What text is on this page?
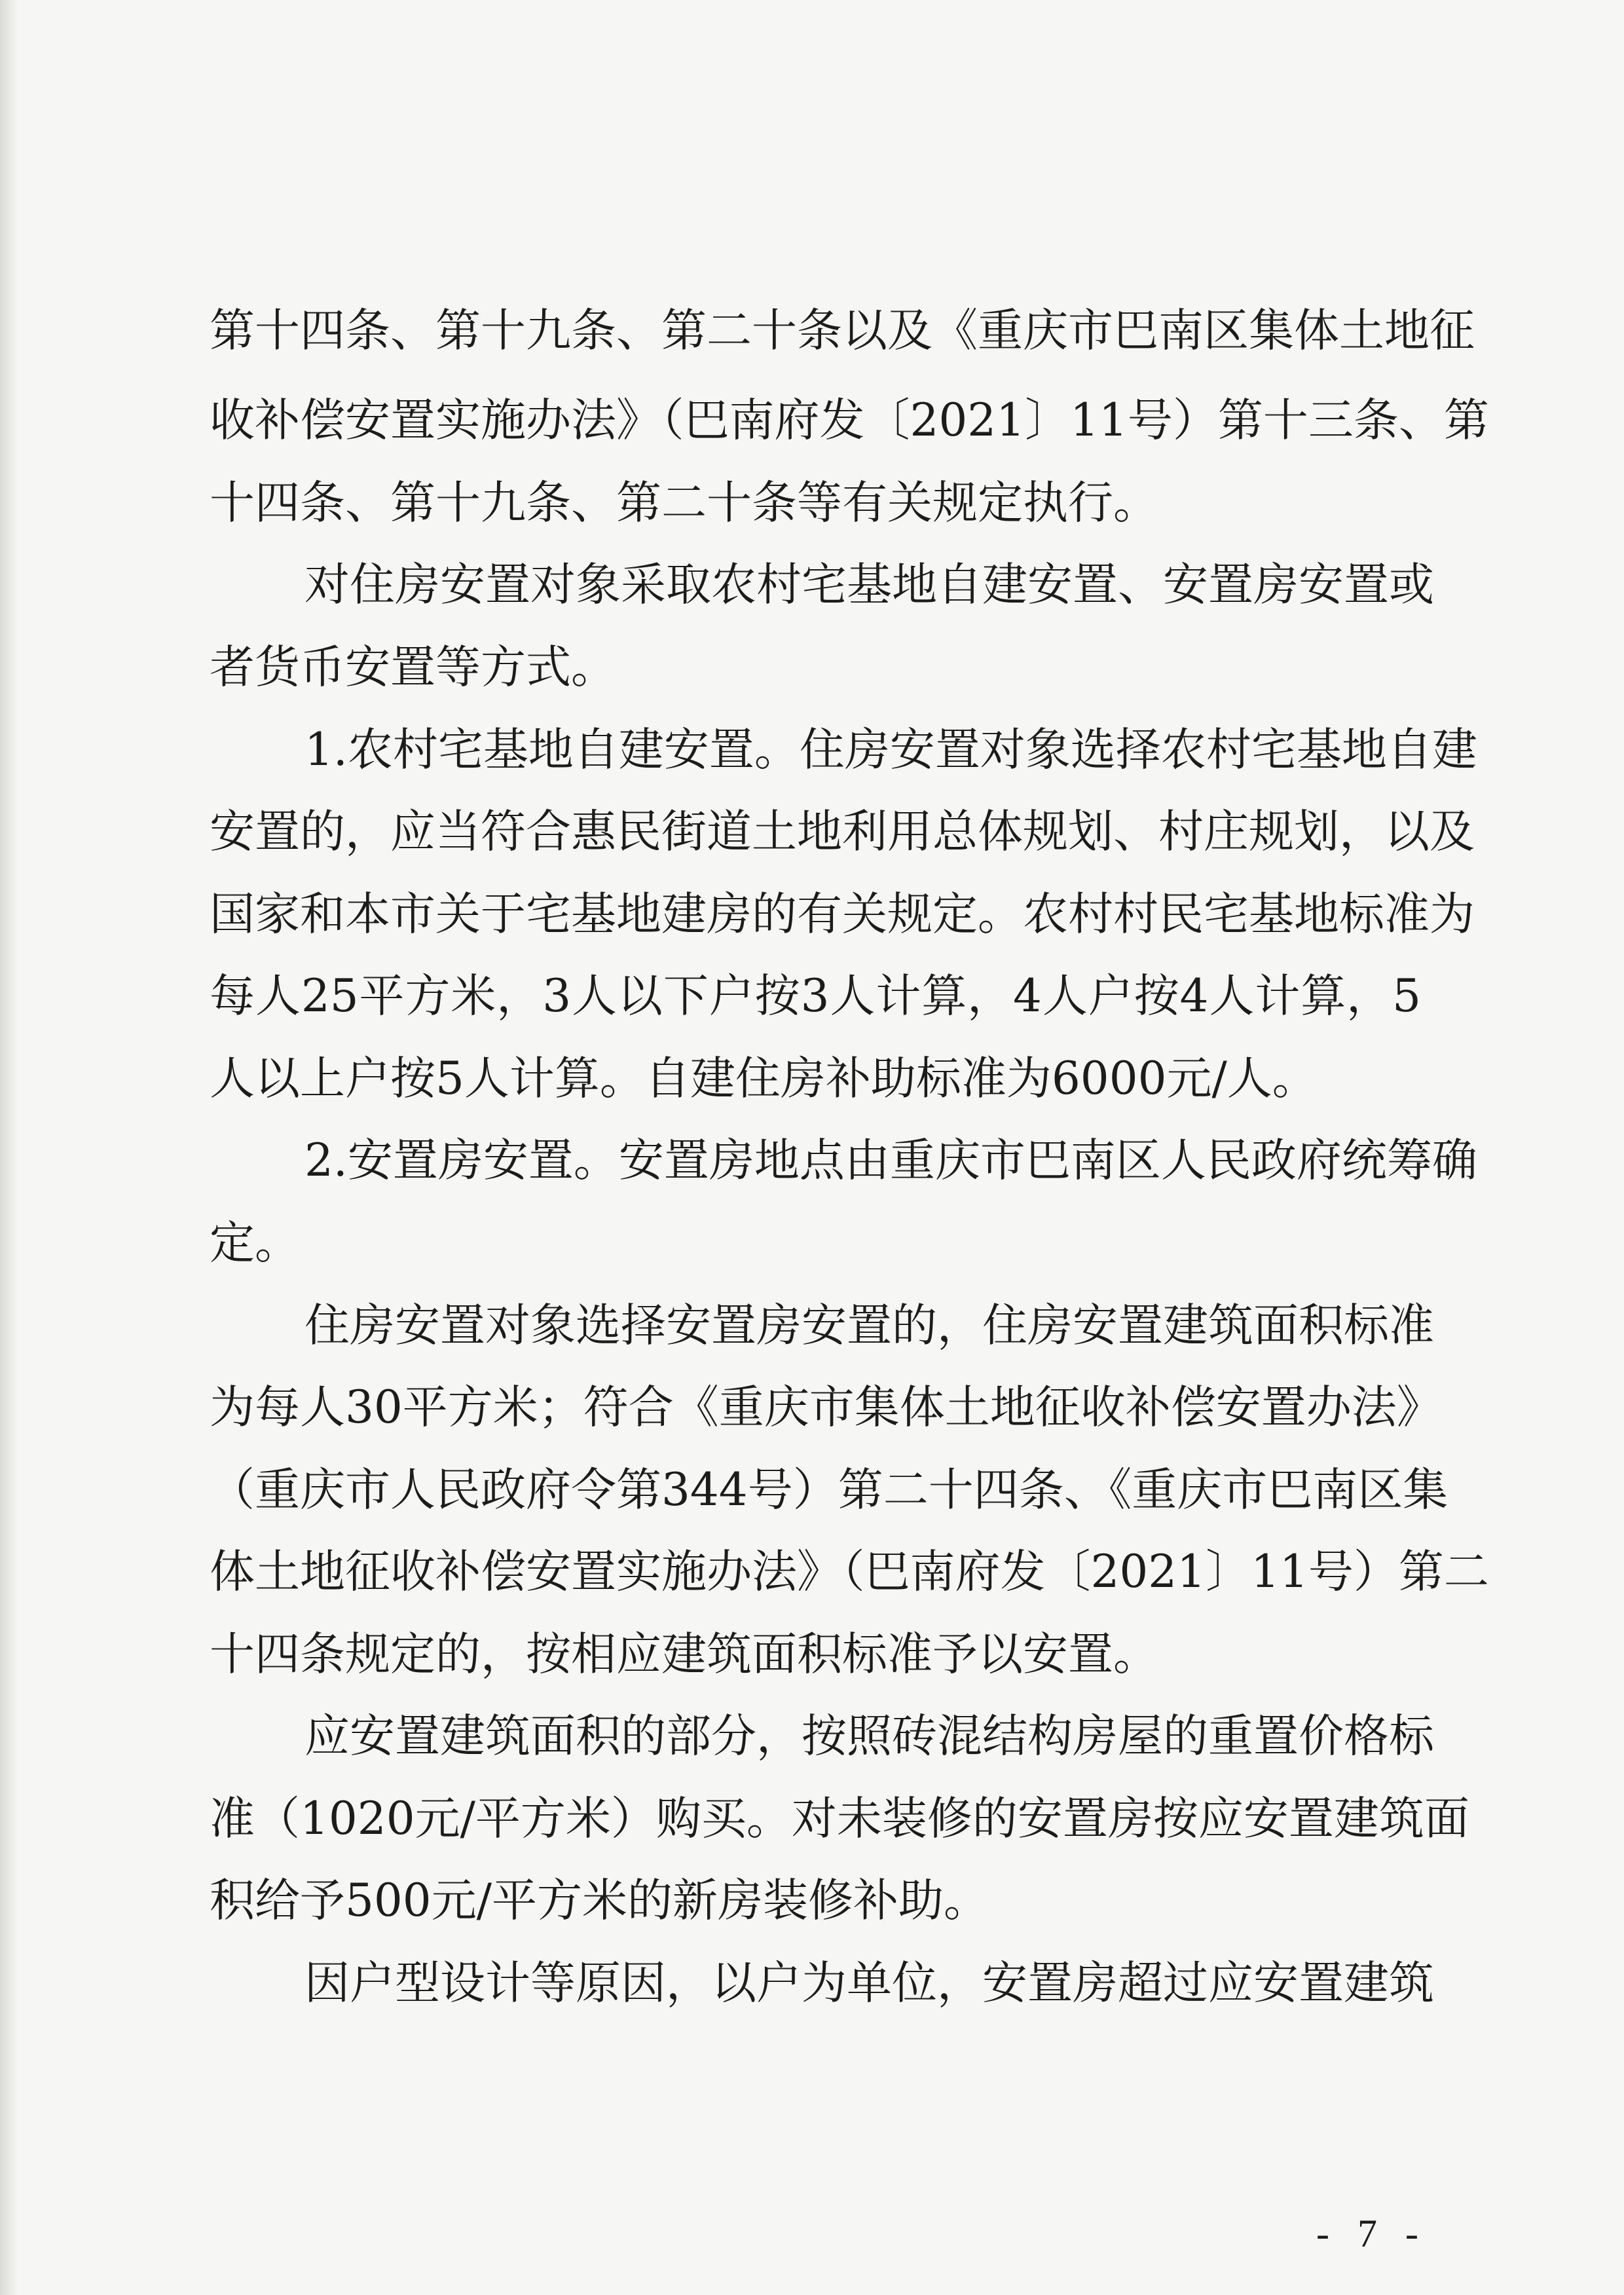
第十四条、第十九条、第二十条以及《重庆市巴南区集体土地征
收补偿安置实施办法》（巴南府发〔2021〕11号）第十三条、第
十四条、第十九条、第二十条等有关规定执行。
对住房安置对象采取农村宅基地自建安置、安置房安置或
者货币安置等方式。
1.农村宅基地自建安置。住房安置对象选择农村宅基地自建
安置的，应当符合惠民街道土地利用总体规划、村庄规划，以及
国家和本市关于宅基地建房的有关规定。农村村民宅基地标准为
每人25平方米，3人以下户按3人计算，4人户按4人计算，5
人以上户按5人计算。自建住房补助标准为6000元/人。
2.安置房安置。安置房地点由重庆市巴南区人民政府统筹确
定。
住房安置对象选择安置房安置的，住房安置建筑面积标准
为每人30平方米；符合《重庆市集体土地征收补偿安置办法》
（重庆市人民政府令第344号）第二十四条、《重庆市巴南区集
体土地征收补偿安置实施办法》（巴南府发〔2021〕11号）第二
十四条规定的，按相应建筑面积标准予以安置。
应安置建筑面积的部分，按照砖混结构房屋的重置价格标
准（1020元/平方米）购买。对未装修的安置房按应安置建筑面
积给予500元/平方米的新房装修补助。
因户型设计等原因，以户为单位，安置房超过应安置建筑
- 7 -
